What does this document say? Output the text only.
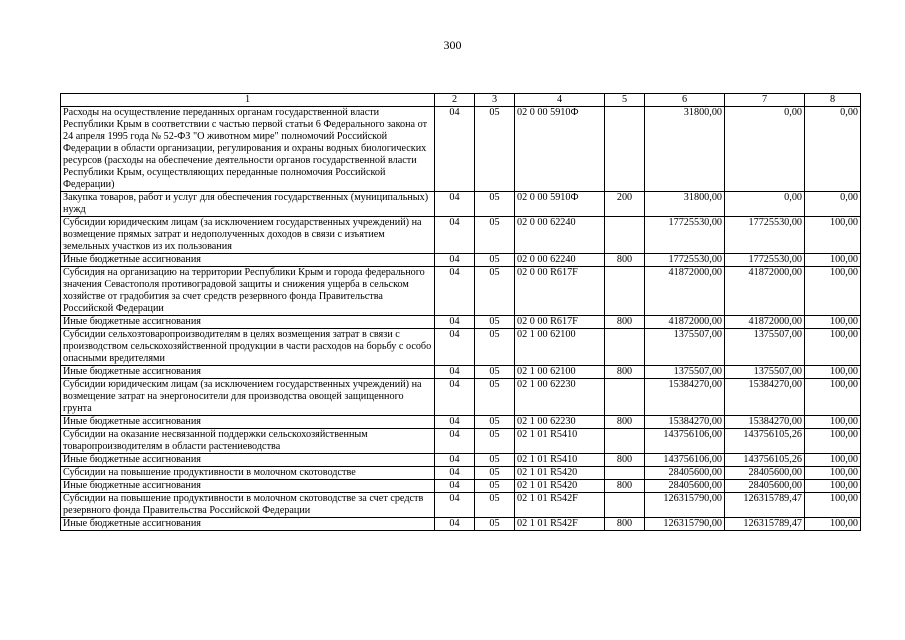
300
1	2	3	4	5	6	7	8
Расходы на осуществление переданных органам государственной власти Республики Крым в соответствии с частью первой статьи 6 Федерального закона от 24 апреля 1995 года № 52-ФЗ "О животном мире" полномочий Российской Федерации в области организации, регулирования и охраны водных биологических ресурсов (расходы на обеспечение деятельности органов государственной власти Республики Крым, осуществляющих переданные полномочия Российской Федерации)	04	05	02 0 00 5910Ф		31800,00	0,00	0,00
Закупка товаров, работ и услуг для обеспечения государственных (муниципальных) нужд	04	05	02 0 00 5910Ф	200	31800,00	0,00	0,00
Субсидии юридическим лицам (за исключением государственных учреждений) на возмещение прямых затрат и недополученных доходов в связи с изъятием земельных участков из их пользования	04	05	02 0 00 62240		17725530,00	17725530,00	100,00
Иные бюджетные ассигнования	04	05	02 0 00 62240	800	17725530,00	17725530,00	100,00
Субсидия на организацию на территории Республики Крым и города федерального значения Севастополя противоградовой защиты и снижения ущерба в сельском хозяйстве от градобития за счет средств резервного фонда Правительства Российской Федерации	04	05	02 0 00 R617F		41872000,00	41872000,00	100,00
Иные бюджетные ассигнования	04	05	02 0 00 R617F	800	41872000,00	41872000,00	100,00
Субсидии сельхозтоваропроизводителям в целях возмещения затрат в связи с производством сельскохозяйственной продукции в части расходов на борьбу с особо опасными вредителями	04	05	02 1 00 62100		1375507,00	1375507,00	100,00
Иные бюджетные ассигнования	04	05	02 1 00 62100	800	1375507,00	1375507,00	100,00
Субсидии юридическим лицам (за исключением государственных учреждений) на возмещение затрат на энергоносители для производства овощей защищенного грунта	04	05	02 1 00 62230		15384270,00	15384270,00	100,00
Иные бюджетные ассигнования	04	05	02 1 00 62230	800	15384270,00	15384270,00	100,00
Субсидии на оказание несвязанной поддержки сельскохозяйственным товаропроизводителям в области растениеводства	04	05	02 1 01 R5410		143756106,00	143756105,26	100,00
Иные бюджетные ассигнования	04	05	02 1 01 R5410	800	143756106,00	143756105,26	100,00
Субсидии на повышение продуктивности в молочном скотоводстве	04	05	02 1 01 R5420		28405600,00	28405600,00	100,00
Иные бюджетные ассигнования	04	05	02 1 01 R5420	800	28405600,00	28405600,00	100,00
Субсидии на повышение продуктивности в молочном скотоводстве за счет средств резервного фонда Правительства Российской Федерации	04	05	02 1 01 R542F		126315790,00	126315789,47	100,00
Иные бюджетные ассигнования	04	05	02 1 01 R542F	800	126315790,00	126315789,47	100,00
